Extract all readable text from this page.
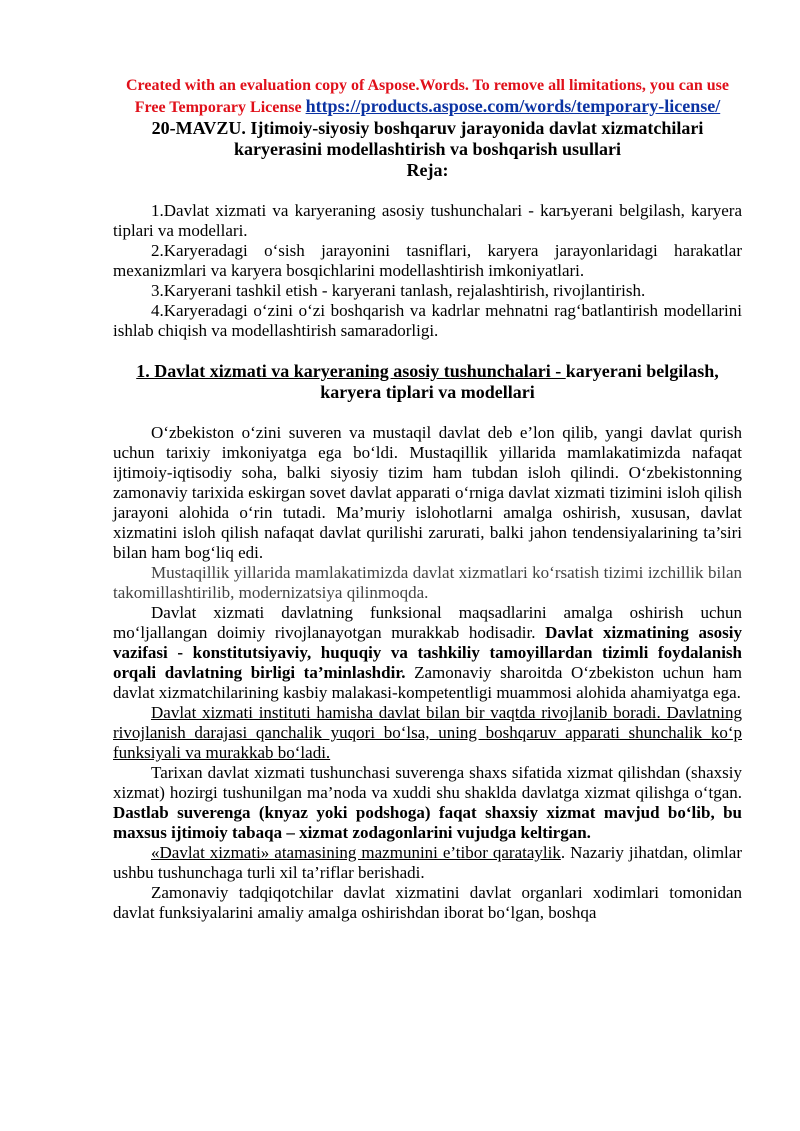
Created with an evaluation copy of Aspose.Words. To remove all limitations, you can use
Free Temporary License https://products.aspose.com/words/temporary-license/
20-MAVZU. Ijtimoiy-siyosiy boshqaruv jarayonida davlat xizmatchilari
karyerasini modellashtirish va boshqarish usullari
Reja:

1.Davlat xizmati va karyeraning asosiy tushunchalari - karъyerani belgilash, karyera tiplari va modellari.

2.Karyeradagi oʻsish jarayonini tasniflari, karyera jarayonlaridagi harakatlar mexanizmlari va karyera bosqichlarini modellashtirish imkoniyatlari.

3.Karyerani tashkil etish - karyerani tanlash, rejalashtirish, rivojlantirish.

4.Karyeradagi oʻzini oʻzi boshqarish va kadrlar mehnatni ragʻbatlantirish modellarini ishlab chiqish va modellashtirish samaradorligi.

1. Davlat xizmati va karyeraning asosiy tushunchalari - karyerani belgilash, karyera tiplari va modellari

Oʻzbekiston oʻzini suveren va mustaqil davlat deb e’lon qilib, yangi davlat qurish uchun tarixiy imkoniyatga ega boʻldi. Mustaqillik yillarida mamlakatimizda nafaqat ijtimoiy-iqtisodiy soha, balki siyosiy tizim ham tubdan isloh qilindi. Oʻzbekistonning zamonaviy tarixida eskirgan sovet davlat apparati oʻrniga davlat xizmati tizimini isloh qilish jarayoni alohida oʻrin tutadi. Ma’muriy islohotlarni amalga oshirish, xususan, davlat xizmatini isloh qilish nafaqat davlat qurilishi zarurati, balki jahon tendensiyalarining ta’siri bilan ham bogʻliq edi.

Mustaqillik yillarida mamlakatimizda davlat xizmatlari koʻrsatish tizimi izchillik bilan takomillashtirilib, modernizatsiya qilinmoqda.

Davlat xizmati davlatning funksional maqsadlarini amalga oshirish uchun moʻljallangan doimiy rivojlanayotgan murakkab hodisadir. Davlat xizmatining asosiy vazifasi - konstitutsiyaviy, huquqiy va tashkiliy tamoyillardan tizimli foydalanish orqali davlatning birligi ta’minlashdir. Zamonaviy sharoitda Oʻzbekiston uchun ham davlat xizmatchilarining kasbiy malakasi-kompetentligi muammosi alohida ahamiyatga ega.

Davlat xizmati instituti hamisha davlat bilan bir vaqtda rivojlanib boradi. Davlatning rivojlanish darajasi qanchalik yuqori boʻlsa, uning boshqaruv apparati shunchalik koʻp funksiyali va murakkab boʻladi.

Tarixan davlat xizmati tushunchasi suverenga shaxs sifatida xizmat qilishdan (shaxsiy xizmat) hozirgi tushunilgan ma’noda va xuddi shu shaklda davlatga xizmat qilishga oʻtgan. Dastlab suverenga (knyaz yoki podshoga) faqat shaxsiy xizmat mavjud boʻlib, bu maxsus ijtimoiy tabaqa – xizmat zodagonlarini vujudga keltirgan.

«Davlat xizmati» atamasining mazmunini e’tibor qarataylik. Nazariy jihatdan, olimlar ushbu tushunchaga turli xil ta’riflar berishadi.

Zamonaviy tadqiqotchilar davlat xizmatini davlat organlari xodimlari tomonidan davlat funksiyalarini amaliy amalga oshirishdan iborat boʻlgan, boshqa
